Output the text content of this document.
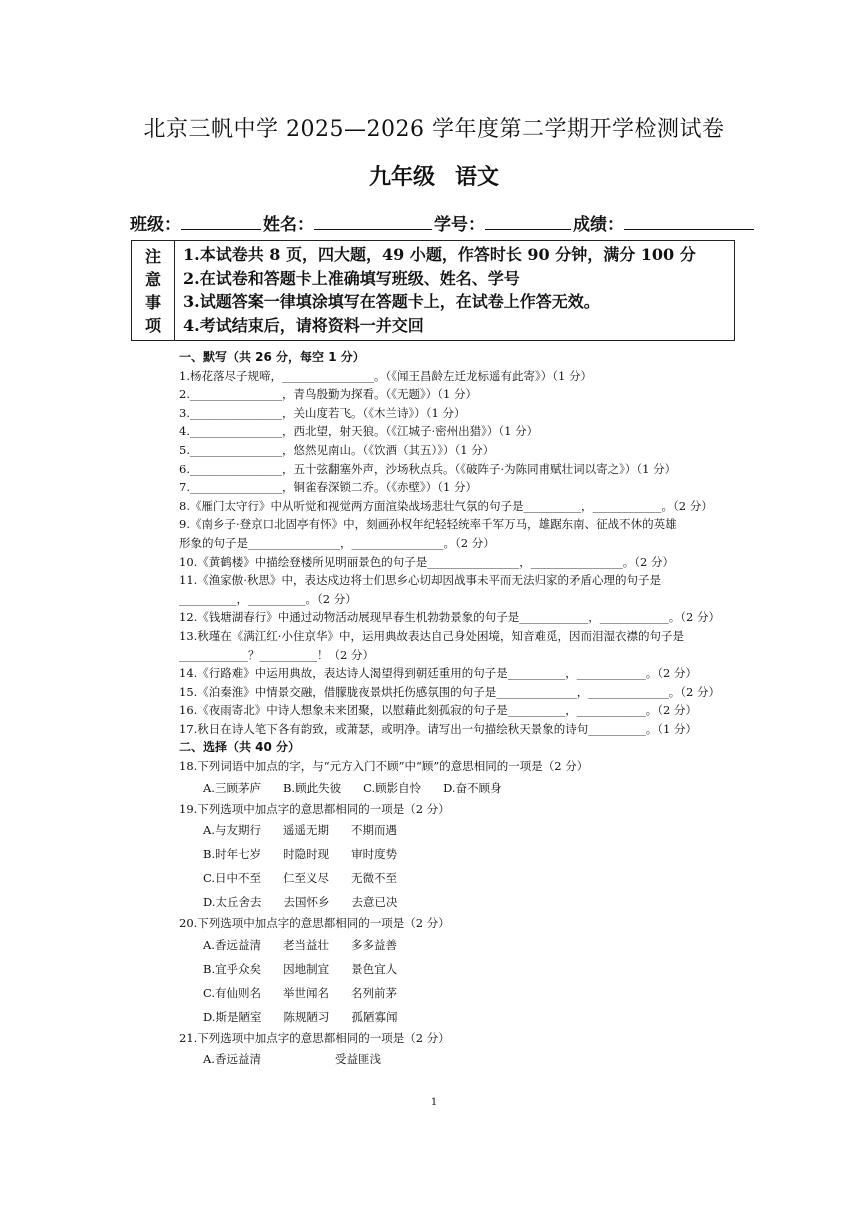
北京三帆中学 2025—2026 学年度第二学期开学检测试卷
九年级 语文
班级：	姓名：	学号：	成绩：
注
意
事
项
1.本试卷共 8 页，四大题，49 小题，作答时长 90 分钟，满分 100 分
2.在试卷和答题卡上准确填写班级、姓名、学号
3.试题答案一律填涂填写在答题卡上，在试卷上作答无效。
4.考试结束后，请将资料一并交回
一、默写（共 26 分，每空 1 分）
1.杨花落尽子规啼，________________。（《闻王昌龄左迁龙标遥有此寄》）（1 分）
2.________________，青鸟殷勤为探看。（《无题》）（1 分）
3.________________，关山度若飞。（《木兰诗》）（1 分）
4.________________，西北望，射天狼。（《江城子·密州出猎》）（1 分）
5.________________，悠然见南山。（《饮酒（其五）》）（1 分）
6.________________，五十弦翻塞外声，沙场秋点兵。（《破阵子·为陈同甫赋壮词以寄之》）（1 分）
7.________________，铜雀春深锁二乔。（《赤壁》）（1 分）
8.《雁门太守行》中从听觉和视觉两方面渲染战场悲壮气氛的句子是__________，____________。（2 分）
9.《南乡子·登京口北固亭有怀》中，刻画孙权年纪轻轻统率千军万马，雄踞东南、征战不休的英雄
形象的句子是________________，________________。（2 分）
10.《黄鹤楼》中描绘登楼所见明丽景色的句子是________________，________________。（2 分）
11.《渔家傲·秋思》中，表达戍边将士们思乡心切却因战事未平而无法归家的矛盾心理的句子是
__________，__________。（2 分）
12.《钱塘湖春行》中通过动物活动展现早春生机勃勃景象的句子是____________，____________。（2 分）
13.秋瑾在《满江红·小住京华》中，运用典故表达自己身处困境，知音难觅，因而泪湿衣襟的句子是
____________？__________！（2 分）
14.《行路难》中运用典故，表达诗人渴望得到朝廷重用的句子是__________，____________。（2 分）
15.《泊秦淮》中情景交融，借朦胧夜景烘托伤感氛围的句子是______________，______________。（2 分）
16.《夜雨寄北》中诗人想象未来团聚，以慰藉此刻孤寂的句子是__________，____________。（2 分）
17.秋日在诗人笔下各有韵致，或萧瑟，或明净。请写出一句描绘秋天景象的诗句__________。（1 分）
二、选择（共 40 分）
18.下列词语中加点的字，与“元方入门不顾”中“顾”的意思相同的一项是（2 分）
A.三顾茅庐 B.顾此失彼 C.顾影自怜 D.奋不顾身
19.下列选项中加点字的意思都相同的一项是（2 分）
A.与友期行 遥遥无期 不期而遇
B.时年七岁 时隐时现 审时度势
C.日中不至 仁至义尽 无微不至
D.太丘舍去 去国怀乡 去意已决
20.下列选项中加点字的意思都相同的一项是（2 分）
A.香远益清 老当益壮 多多益善
B.宜乎众矣 因地制宜 景色宜人
C.有仙则名 举世闻名 名列前茅
D.斯是陋室 陈规陋习 孤陋寡闻
21.下列选项中加点字的意思都相同的一项是（2 分）
A.香远益清	受益匪浅
1
